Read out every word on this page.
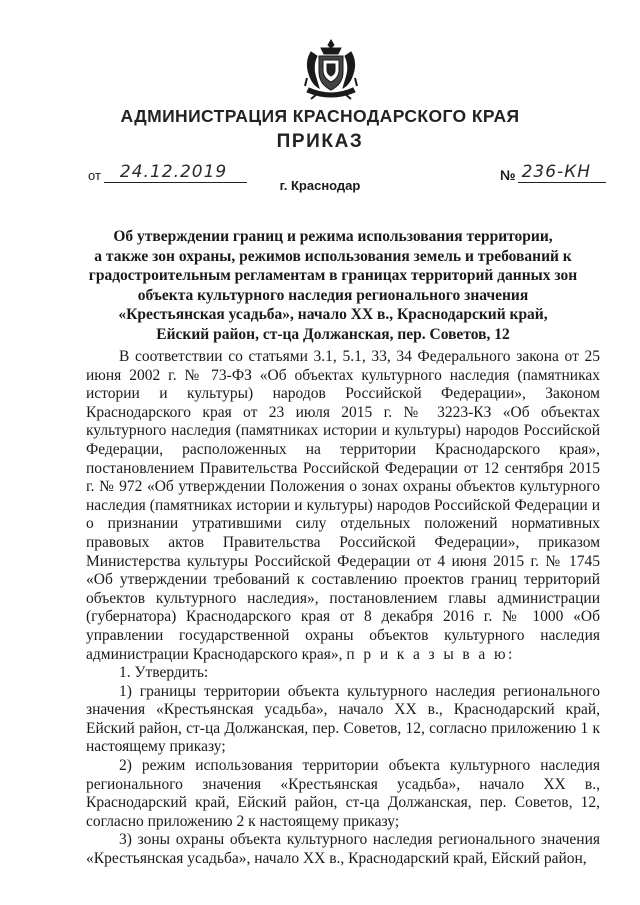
АДМИНИСТРАЦИЯ КРАСНОДАРСКОГО КРАЯ
ПРИКАЗ
от 24.12.2019	№ 236-КН
г. Краснодар
Об утверждении границ и режима использования территории,
а также зон охраны, режимов использования земель и требований к
градостроительным регламентам в границах территорий данных зон
объекта культурного наследия регионального значения
«Крестьянская усадьба», начало XX в., Краснодарский край,
Ейский район, ст-ца Должанская, пер. Советов, 12

В соответствии со статьями 3.1, 5.1, 33, 34 Федерального закона от 25 июня 2002 г. № 73-ФЗ «Об объектах культурного наследия (памятниках истории и культуры) народов Российской Федерации», Законом Краснодарского края от 23 июля 2015 г. № 3223-КЗ «Об объектах культурного наследия (памятниках истории и культуры) народов Российской Федерации, расположенных на территории Краснодарского края», постановлением Правительства Российской Федерации от 12 сентября 2015 г. № 972 «Об утверждении Положения о зонах охраны объектов культурного наследия (памятниках истории и культуры) народов Российской Федерации и о признании утратившими силу отдельных положений нормативных правовых актов Правительства Российской Федерации», приказом Министерства культуры Российской Федерации от 4 июня 2015 г. № 1745 «Об утверждении требований к составлению проектов границ территорий объектов культурного наследия», постановлением главы администрации (губернатора) Краснодарского края от 8 декабря 2016 г. № 1000 «Об управлении государственной охраны объектов культурного наследия администрации Краснодарского края», п р и к а з ы в а ю:

1. Утвердить:

1) границы территории объекта культурного наследия регионального значения «Крестьянская усадьба», начало XX в., Краснодарский край, Ейский район, ст-ца Должанская, пер. Советов, 12, согласно приложению 1 к настоящему приказу;

2) режим использования территории объекта культурного наследия регионального значения «Крестьянская усадьба», начало XX в., Краснодарский край, Ейский район, ст-ца Должанская, пер. Советов, 12, согласно приложению 2 к настоящему приказу;

3) зоны охраны объекта культурного наследия регионального значения «Крестьянская усадьба», начало XX в., Краснодарский край, Ейский район,
